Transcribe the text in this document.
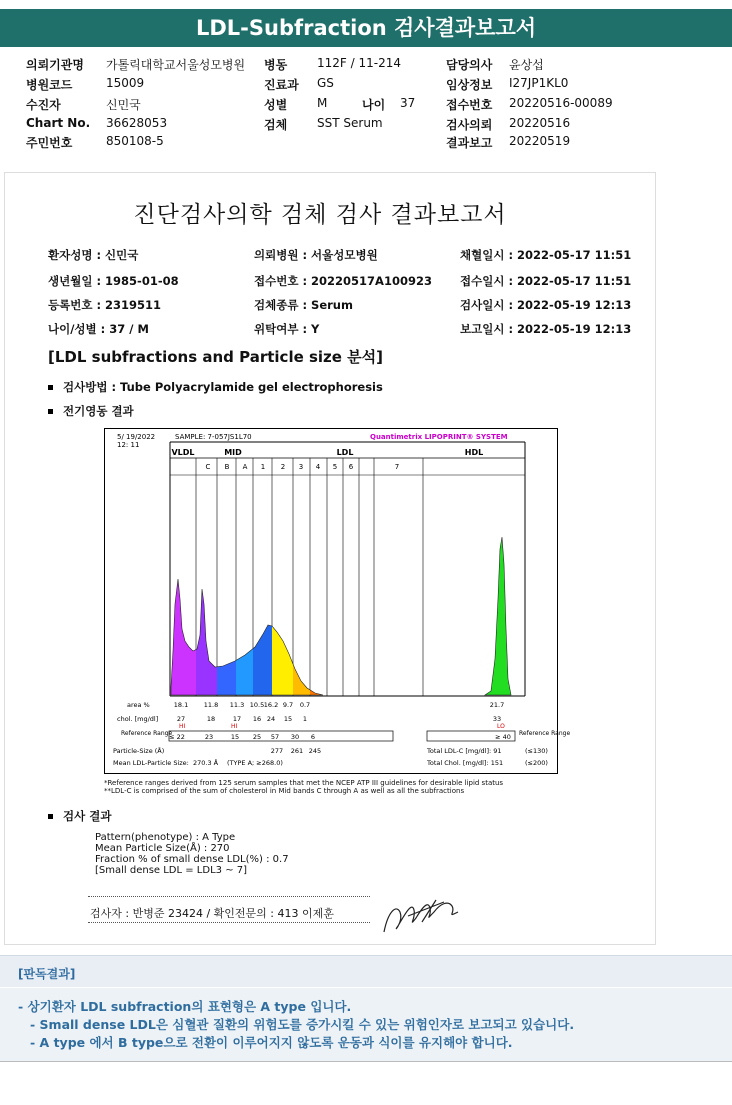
LDL-Subfraction 검사결과보고서
의뢰기관명 가톨릭대학교서울성모병원
병원코드	15009
수진자	신민국
Chart No. 36628053
주민번호	850108-5
병동 112F / 11-214
진료과 GS
성별 M	나이 37
검체 SST Serum
담당의사 윤상섭
임상정보 I27JP1KL0
접수번호 20220516-00089
검사의뢰 20220516
결과보고 20220519
진단검사의학 검체 검사 결과보고서
환자성명 : 신민국	의뢰병원 : 서울성모병원	채혈일시 : 2022-05-17 11:51
생년월일 : 1985-01-08	접수번호 : 20220517A100923 접수일시 : 2022-05-17 11:51
등록번호 : 2319511	검체종류 : Serum	검사일시 : 2022-05-19 12:13
나이/성별 : 37 / M	위탁여부 : Y	보고일시 : 2022-05-19 12:13
[LDL subfractions and Particle size 분석]
검사방법 : Tube Polyacrylamide gel electrophoresis
전기영동 결과
5/ 19/2022
12: 11
SAMPLE: 7-057JS1L70	Quantimetrix LIPOPRINT® SYSTEM
VLDL	MID	LDL	HDL
C B A 1 2 3 4 5 6	7
area %	18.1 11.8 11.3 10.5 16.2 9.7 0.7	21.7
chol. [mg/dl]	27	18	17 16 24 15 1	33
HI	HI	LO
Reference Range
≤ 22	23	15 25 57 30 6	≥ 40 Reference Range
Particle-Size (Å)	277 261 245
Mean LDL-Particle Size: 270.3 Å (TYPE A; ≥268.0)
Total LDL-C [mg/dl]: 91	(≤130)
Total Chol. [mg/dl]: 151	(≤200)
*Reference ranges derived from 125 serum samples that met the NCEP ATP III guidelines for desirable lipid status
**LDL-C is comprised of the sum of cholesterol in Mid bands C through A as well as all the subfractions
검사 결과
Pattern(phenotype) : A Type
Mean Particle Size(Å) : 270
Fraction % of small dense LDL(%) : 0.7
[Small dense LDL = LDL3 ~ 7]
검사자 : 반병준 23424 / 확인전문의 : 413 이제훈
[판독결과]
- 상기환자 LDL subfraction의 표현형은 A type 입니다.
- Small dense LDL은 심혈관 질환의 위험도를 증가시킬 수 있는 위험인자로 보고되고 있습니다.
- A type 에서 B type으로 전환이 이루어지지 않도록 운동과 식이를 유지해야 합니다.
